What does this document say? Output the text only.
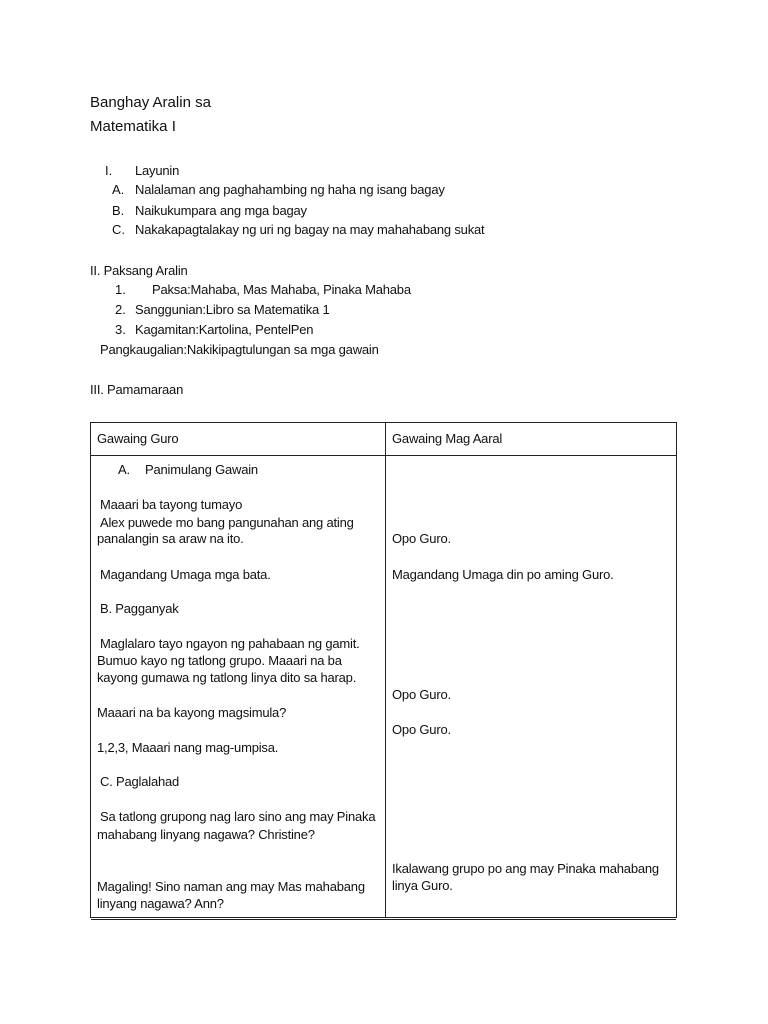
Banghay Aralin sa
Matematika I
I. Layunin
A. Nalalaman ang paghahambing ng haha ng isang bagay
B. Naikukumpara ang mga bagay
C. Nakakapagtalakay ng uri ng bagay na may mahahabang sukat
II. Paksang Aralin
1. Paksa:Mahaba, Mas Mahaba, Pinaka Mahaba
2. Sanggunian:Libro sa Matematika 1
3. Kagamitan:Kartolina, PentelPen
Pangkaugalian:Nakikipagtulungan sa mga gawain
III. Pamamaraan
Gawaing Guro	Gawaing Mag Aaral
A. Panimulang Gawain
Maaari ba tayong tumayo
Alex puwede mo bang pangunahan ang ating
panalangin sa araw na ito.
Magandang Umaga mga bata.
B. Pagganyak
Maglalaro tayo ngayon ng pahabaan ng gamit.
Bumuo kayo ng tatlong grupo. Maaari na ba
kayong gumawa ng tatlong linya dito sa harap.
Maaari na ba kayong magsimula?
1,2,3, Maaari nang mag-umpisa.
C. Paglalahad
Sa tatlong grupong nag laro sino ang may Pinaka
mahabang linyang nagawa? Christine?
Magaling! Sino naman ang may Mas mahabang
linyang nagawa? Ann?
Opo Guro.
Magandang Umaga din po aming Guro.
Opo Guro.
Opo Guro.
Ikalawang grupo po ang may Pinaka mahabang
linya Guro.
